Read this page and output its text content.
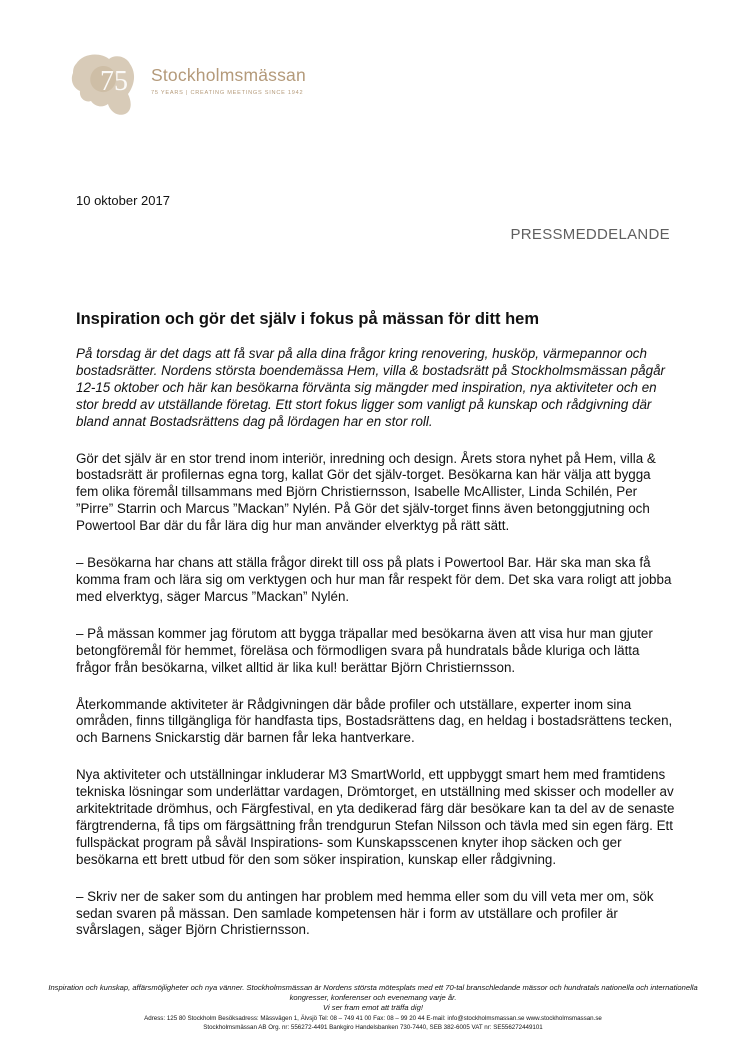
75 Stockholmsmässan
75 YEARS | CREATING MEETINGS SINCE 1942
10 oktober 2017
PRESSMEDDELANDE
Inspiration och gör det själv i fokus på mässan för ditt hem

På torsdag är det dags att få svar på alla dina frågor kring renovering, husköp, värmepannor och bostadsrätter. Nordens största boendemässa Hem, villa & bostadsrätt på Stockholmsmässan pågår 12-15 oktober och här kan besökarna förvänta sig mängder med inspiration, nya aktiviteter och en stor bredd av utställande företag. Ett stort fokus ligger som vanligt på kunskap och rådgivning där bland annat Bostadsrättens dag på lördagen har en stor roll.

Gör det själv är en stor trend inom interiör, inredning och design. Årets stora nyhet på Hem, villa & bostadsrätt är profilernas egna torg, kallat Gör det själv-torget. Besökarna kan här välja att bygga fem olika föremål tillsammans med Björn Christiernsson, Isabelle McAllister, Linda Schilén, Per ”Pirre” Starrin och Marcus ”Mackan” Nylén. På Gör det själv-torget finns även betonggjutning och Powertool Bar där du får lära dig hur man använder elverktyg på rätt sätt.

– Besökarna har chans att ställa frågor direkt till oss på plats i Powertool Bar. Här ska man ska få komma fram och lära sig om verktygen och hur man får respekt för dem. Det ska vara roligt att jobba med elverktyg, säger Marcus ”Mackan” Nylén.

– På mässan kommer jag förutom att bygga träpallar med besökarna även att visa hur man gjuter betongföremål för hemmet, föreläsa och förmodligen svara på hundratals både kluriga och lätta frågor från besökarna, vilket alltid är lika kul! berättar Björn Christiernsson.

Återkommande aktiviteter är Rådgivningen där både profiler och utställare, experter inom sina områden, finns tillgängliga för handfasta tips, Bostadsrättens dag, en heldag i bostadsrättens tecken, och Barnens Snickarstig där barnen får leka hantverkare.

Nya aktiviteter och utställningar inkluderar M3 SmartWorld, ett uppbyggt smart hem med framtidens tekniska lösningar som underlättar vardagen, Drömtorget, en utställning med skisser och modeller av arkitektritade drömhus, och Färgfestival, en yta dedikerad färg där besökare kan ta del av de senaste färgtrenderna, få tips om färgsättning från trendgurun Stefan Nilsson och tävla med sin egen färg. Ett fullspäckat program på såväl Inspirations- som Kunskapsscenen knyter ihop säcken och ger besökarna ett brett utbud för den som söker inspiration, kunskap eller rådgivning.

– Skriv ner de saker som du antingen har problem med hemma eller som du vill veta mer om, sök sedan svaren på mässan. Den samlade kompetensen här i form av utställare och profiler är svårslagen, säger Björn Christiernsson.

Inspiration och kunskap, affärsmöjligheter och nya vänner. Stockholmsmässan är Nordens största mötesplats med ett 70-tal branschledande mässor och hundratals nationella och internationella kongresser, konferenser och evenemang varje år.
Vi ser fram emot att träffa dig!
Adress: 125 80 Stockholm Besöksadress: Mässvägen 1, Älvsjö Tel: 08 – 749 41 00 Fax: 08 – 99 20 44 E-mail: info@stockholmsmassan.se www.stockholmsmassan.se
Stockholmsmässan AB Org. nr: 556272-4491 Bankgiro Handelsbanken 730-7440, SEB 382-6005 VAT nr: SE556272449101
